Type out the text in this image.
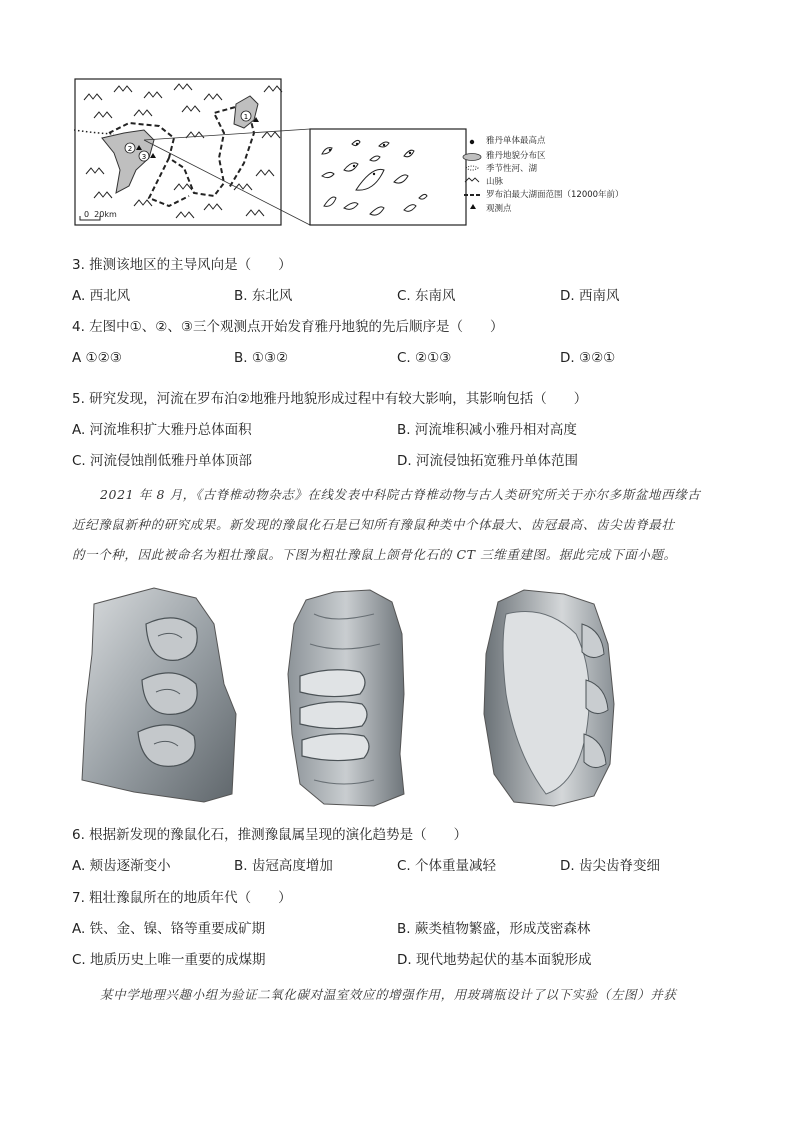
1
2
3
0  20km
雅丹单体最高点
雅丹地貌分布区
季节性河、湖
山脉
罗布泊最大湖面范围（12000年前）
观测点
3. 推测该地区的主导风向是（　　）
A. 西北风	B. 东北风	C. 东南风	D. 西南风
4. 左图中①、②、③三个观测点开始发育雅丹地貌的先后顺序是（　　）
A ①②③	B. ①③②	C. ②①③	D. ③②①
5. 研究发现，河流在罗布泊②地雅丹地貌形成过程中有较大影响，其影响包括（　　）
A. 河流堆积扩大雅丹总体面积	B. 河流堆积减小雅丹相对高度
C. 河流侵蚀削低雅丹单体顶部	D. 河流侵蚀拓宽雅丹单体范围
2021 年 8 月，《古脊椎动物杂志》在线发表中科院古脊椎动物与古人类研究所关于亦尔多斯盆地西缘古
近纪豫鼠新种的研究成果。新发现的豫鼠化石是已知所有豫鼠种类中个体最大、齿冠最高、齿尖齿脊最壮
的一个种，因此被命名为粗壮豫鼠。下图为粗壮豫鼠上颌骨化石的 CT 三维重建图。据此完成下面小题。
6. 根据新发现的豫鼠化石，推测豫鼠属呈现的演化趋势是（　　）
A. 颊齿逐渐变小	B. 齿冠高度增加	C. 个体重量减轻	D. 齿尖齿脊变细
7. 粗壮豫鼠所在的地质年代（　　）
A. 铁、金、镍、铬等重要成矿期	B. 蕨类植物繁盛，形成茂密森林
C. 地质历史上唯一重要的成煤期	D. 现代地势起伏的基本面貌形成
某中学地理兴趣小组为验证二氧化碳对温室效应的增强作用，用玻璃瓶设计了以下实验（左图）并获
